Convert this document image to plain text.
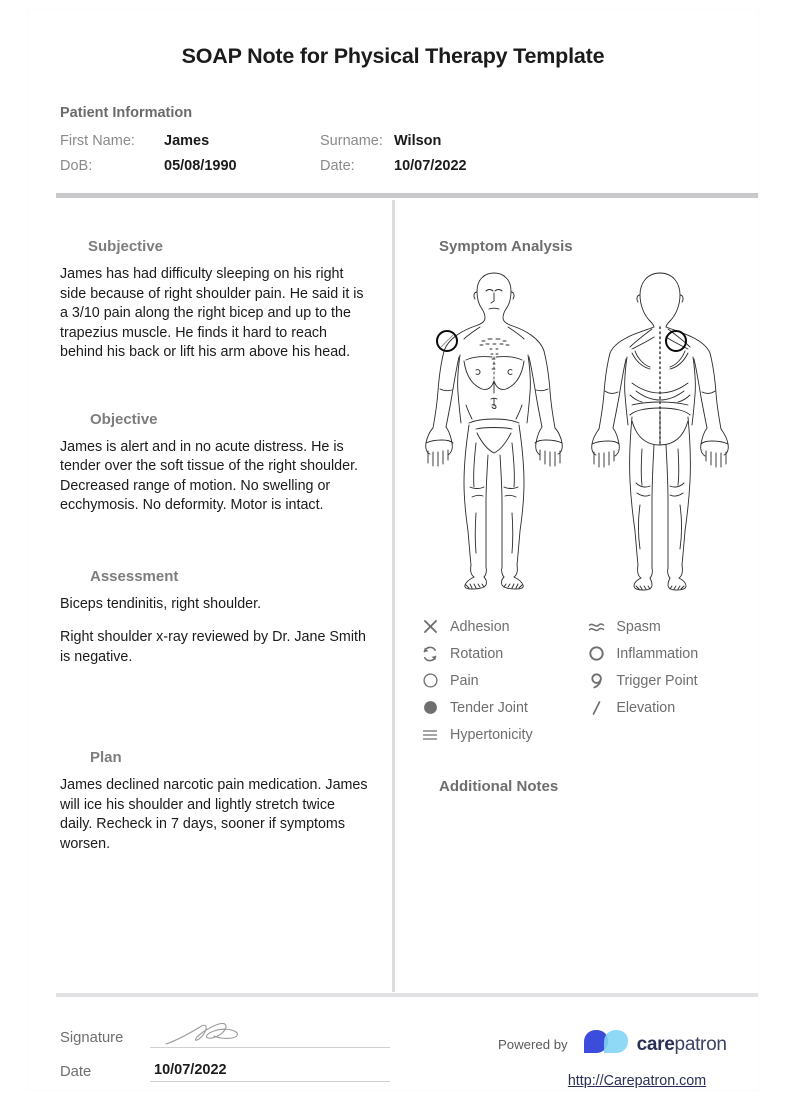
SOAP Note for Physical Therapy Template
Patient Information
First Name:	James	Surname: Wilson
DoB:	05/08/1990	Date:	10/07/2022
Subjective

James has had difficulty sleeping on his right side because of right shoulder pain. He said it is a 3/10 pain along the right bicep and up to the trapezius muscle. He finds it hard to reach behind his back or lift his arm above his head.

Objective

James is alert and in no acute distress. He is tender over the soft tissue of the right shoulder. Decreased range of motion. No swelling or ecchymosis. No deformity. Motor is intact.

Assessment

Biceps tendinitis, right shoulder.

Right shoulder x-ray reviewed by Dr. Jane Smith is negative.

Plan

James declined narcotic pain medication. James will ice his shoulder and lightly stretch twice daily. Recheck in 7 days, sooner if symptoms worsen.

Symptom Analysis
Adhesion
Rotation
Pain
Tender Joint
Hypertonicity
Spasm
Inflammation
Trigger Point
Elevation
Additional Notes
Signature
Date	10/07/2022
Powered by	carepatron
http://Carepatron.com
